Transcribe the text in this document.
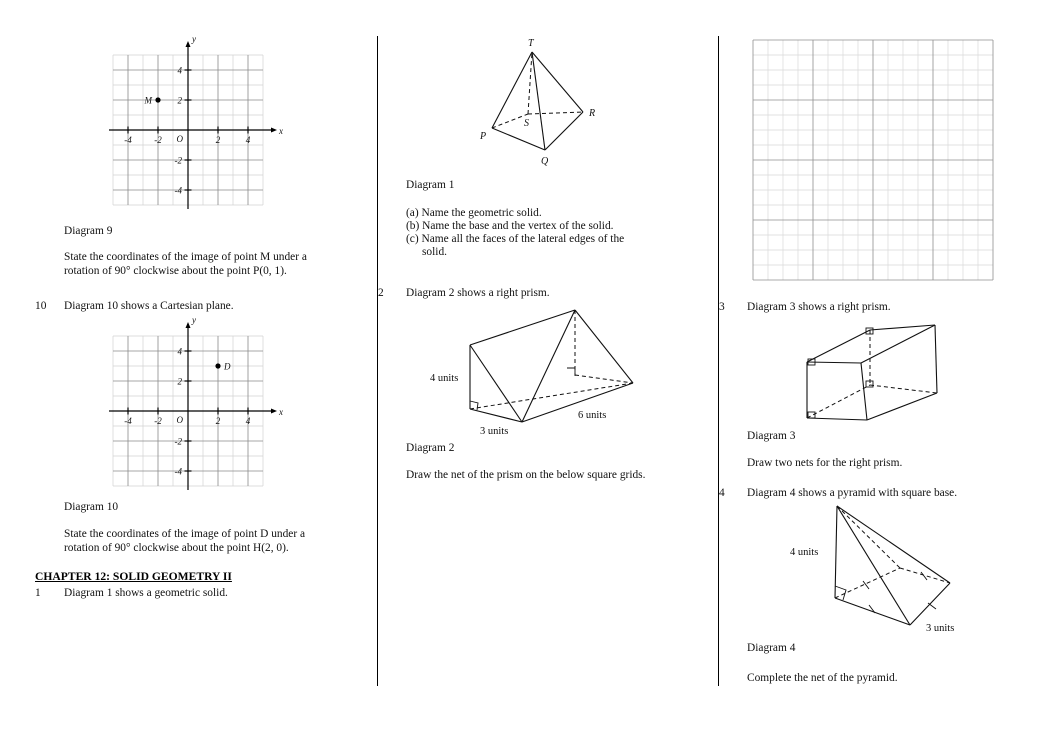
-4	-2	2	4
4
2
-2
-4
O
x
y
M
Diagram 9
State the coordinates of the image of point M under a rotation of 90° clockwise about the point P(0, 1).
10 Diagram 10 shows a Cartesian plane.
-4	-2	2	4
4
2
-2
-4
O
x
y
D
Diagram 10
State the coordinates of the image of point D under a rotation of 90° clockwise about the point H(2, 0).
CHAPTER 12: SOLID GEOMETRY II
1 Diagram 1 shows a geometric solid.
T
S
R
P
Q
Diagram 1
(a) Name the geometric solid.
(b) Name the base and the vertex of the solid.
(c) Name all the faces of the lateral edges of the
solid.
2 Diagram 2 shows a right prism.
4 units
3 units
6 units
Diagram 2
Draw the net of the prism on the below square grids.
3 Diagram 3 shows a right prism.
Diagram 3
Draw two nets for the right prism.
4 Diagram 4 shows a pyramid with square base.
4 units
3 units
Diagram 4
Complete the net of the pyramid.
